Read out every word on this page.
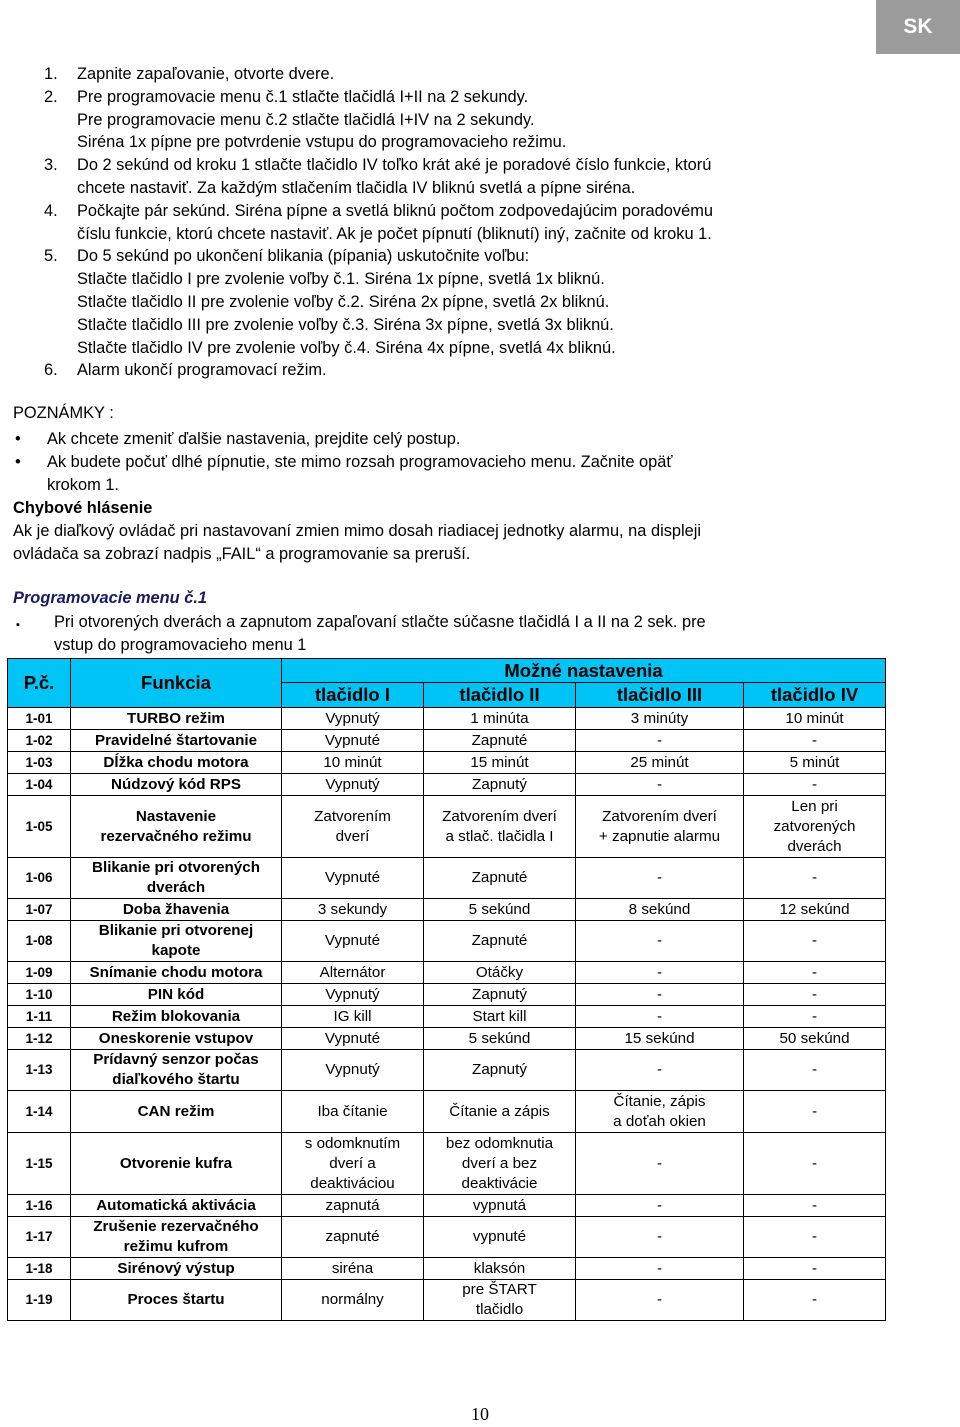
SK
1.	Zapnite zapaľovanie, otvorte dvere.
2.	Pre programovacie menu č.1 stlačte tlačidlá I+II na 2 sekundy.
Pre programovacie menu č.2 stlačte tlačidlá I+IV na 2 sekundy.
Siréna 1x pípne pre potvrdenie vstupu do programovacieho režimu.
3.	Do 2 sekúnd od kroku 1 stlačte tlačidlo IV toľko krát aké je poradové číslo funkcie, ktorú
chcete nastaviť. Za každým stlačením tlačidla IV bliknú svetlá a pípne siréna.
4.	Počkajte pár sekúnd. Siréna pípne a svetlá bliknú počtom zodpovedajúcim poradovému
číslu funkcie, ktorú chcete nastaviť. Ak je počet pípnutí (bliknutí) iný, začnite od kroku 1.
5.	Do 5 sekúnd po ukončení blikania (pípania) uskutočnite voľbu:
Stlačte tlačidlo I pre zvolenie voľby č.1. Siréna 1x pípne, svetlá 1x bliknú.
Stlačte tlačidlo II pre zvolenie voľby č.2. Siréna 2x pípne, svetlá 2x bliknú.
Stlačte tlačidlo III pre zvolenie voľby č.3. Siréna 3x pípne, svetlá 3x bliknú.
Stlačte tlačidlo IV pre zvolenie voľby č.4. Siréna 4x pípne, svetlá 4x bliknú.
6.	Alarm ukončí programovací režim.
POZNÁMKY :
•	Ak chcete zmeniť ďalšie nastavenia, prejdite celý postup.
•	Ak budete počuť dlhé pípnutie, ste mimo rozsah programovacieho menu. Začnite opäť
krokom 1.
Chybové hlásenie
Ak je diaľkový ovládač pri nastavovaní zmien mimo dosah riadiacej jednotky alarmu, na displeji
ovládača sa zobrazí nadpis „FAIL“ a programovanie sa preruší.
Programovacie menu č.1
▪	Pri otvorených dverách a zapnutom zapaľovaní stlačte súčasne tlačidlá I a II na 2 sek. pre
vstup do programovacieho menu 1
P.č.	Funkcia	Možné nastavenia			
		tlačidlo I	tlačidlo II	tlačidlo III	tlačidlo IV
1-01	TURBO režim	Vypnutý	1 minúta	3 minúty	10 minút
1-02	Pravidelné štartovanie	Vypnuté	Zapnuté	-	-
1-03	Dĺžka chodu motora	10 minút	15 minút	25 minút	5 minút
1-04	Núdzový kód RPS	Vypnutý	Zapnutý	-	-
1-05	Nastavenie
rezervačného režimu	Zatvorením
dverí	Zatvorením dverí
a stlač. tlačidla I	Zatvorením dverí
+ zapnutie alarmu	Len pri
zatvorených
dverách
1-06	Blikanie pri otvorených
dverách	Vypnuté	Zapnuté	-	-
1-07	Doba žhavenia	3 sekundy	5 sekúnd	8 sekúnd	12 sekúnd
1-08	Blikanie pri otvorenej
kapote	Vypnuté	Zapnuté	-	-
1-09	Snímanie chodu motora	Alternátor	Otáčky	-	-
1-10	PIN kód	Vypnutý	Zapnutý	-	-
1-11	Režim blokovania	IG kill	Start kill	-	-
1-12	Oneskorenie vstupov	Vypnuté	5 sekúnd	15 sekúnd	50 sekúnd
1-13	Prídavný senzor počas
diaľkového štartu	Vypnutý	Zapnutý	-	-
1-14	CAN režim	Iba čítanie	Čítanie a zápis	Čítanie, zápis
a doťah okien	-
1-15	Otvorenie kufra	s odomknutím
dverí a
deaktiváciou	bez odomknutia
dverí a bez
deaktivácie	-	-
1-16	Automatická aktivácia	zapnutá	vypnutá	-	-
1-17	Zrušenie rezervačného
režimu kufrom	zapnuté	vypnuté	-	-
1-18	Sirénový výstup	siréna	klaksón	-	-
1-19	Proces štartu	normálny	pre ŠTART
tlačidlo	-	-
10
